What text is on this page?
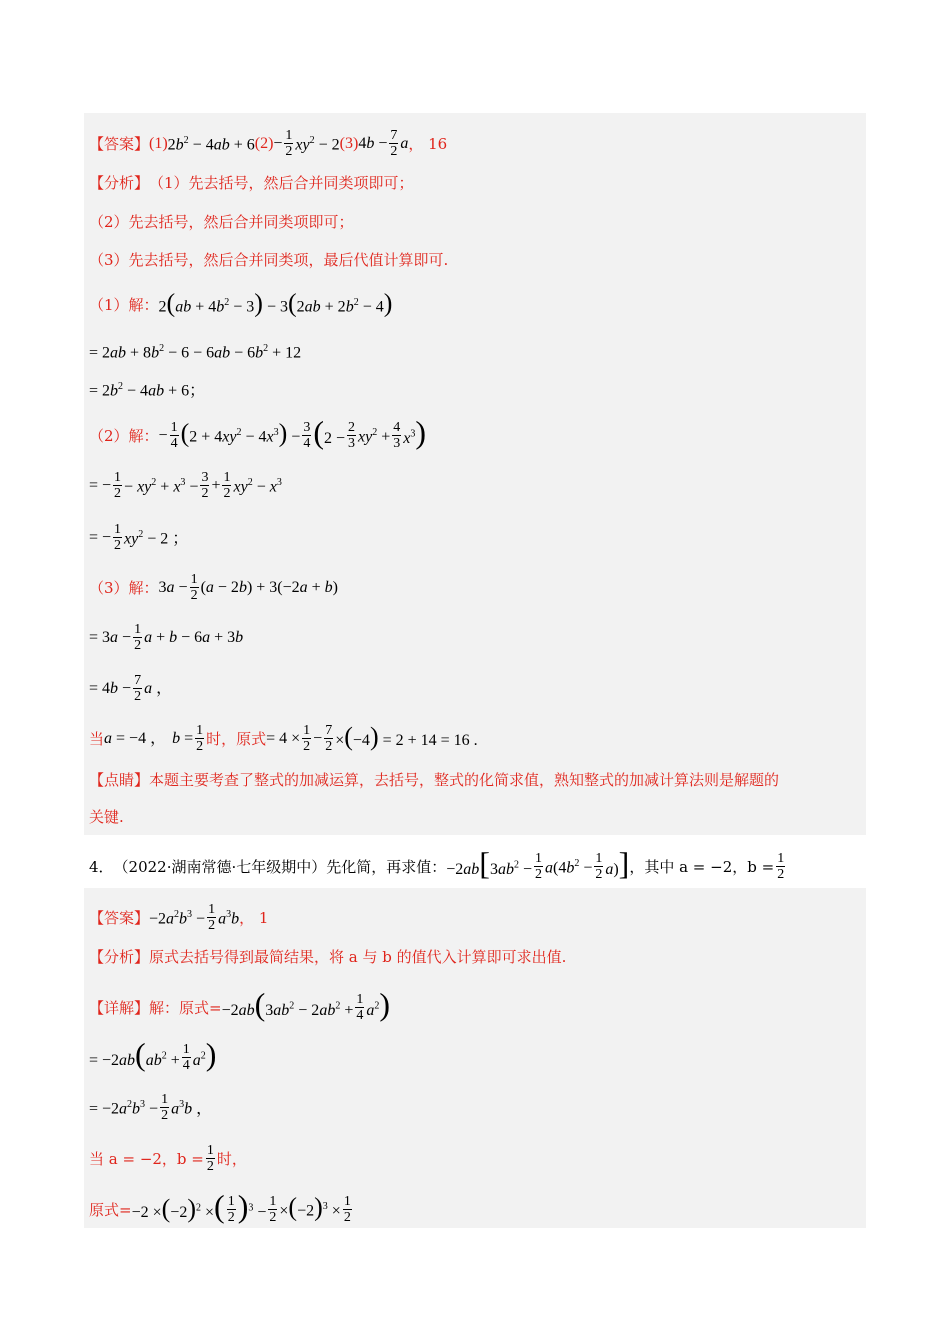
【答案】 (1) $2b^2 - 4ab + 6$ $(2) - \frac{1}{2} xy^2 - 2$ (3) $4b - \frac{7}{2}$ a ， 16
【分析】 （1）先去括号，然后合并同类项即可；
（2）先去括号，然后合并同类项即可；
（3）先去括号，然后合并同类项，最后代值计算即可.
（1）解： $2(ab + 4b^2 - 3) - 3(2ab + 2b^2 - 4)$
= $2ab + 8b^2 - 6 - 6ab - 6b^2 + 12$
= $2b^2 - 4ab + 6$；
（2）解： − $\frac{1}{4} (2 + 4xy^2 - 4x^3) - \frac{3}{4} (2 - \frac{2}{3} xy^2 + \frac{4}{3} x^3)$
= − $\frac{1}{2} - xy^2 + x^3 - \frac{3}{2} + \frac{1}{2} xy^2 - x^3$
= − $\frac{1}{2} xy^2 - 2$ ；
（3）解： $3a - \frac{1}{2} (a - 2b) + 3(-2a + b)$
= $3a - \frac{1}{2}$ a + b − 6a + 3b
= $4b - \frac{7}{2}$ a ，
当 a = −4 ， $b = \frac{1}{2}$ 时，原式 = $4 \times \frac{1}{2} - \frac{7}{2} \times(-4) = 2 + 14 = 16$ .
【点睛】 本题主要考查了整式的加减运算，去括号，整式的化简求值，熟知整式的加减计算法则是解题的
关键.
4． （2022·湖南常德·七年级期中）先化简，再求值： $-2ab[3ab^2 - \frac{1}{2} a(4b^2 - \frac{1}{2} a)]$ ，其中 a = −2，$b = \frac{1}{2}$
【答案】 $-2a^2b^3 - \frac{1}{2} a^3b$ ， 1
【分析】 原式去括号得到最简结果，将 a 与 b 的值代入计算即可求出值.
【详解】 解：原式= $-2ab(3ab^2 - 2ab^2 + \frac{1}{4} a^2)$
= $-2ab(ab^2 + \frac{1}{4} a^2)$
= $-2a^2b^3 - \frac{1}{2} a^3b$ ，
当 a = −2，$b = \frac{1}{2}$ 时，
原式= $-2 \times(-2)^2$ ×( $\frac{1}{2} )^3 - \frac{1}{2} \times(-2)^3 \times \frac{1}{2}$
